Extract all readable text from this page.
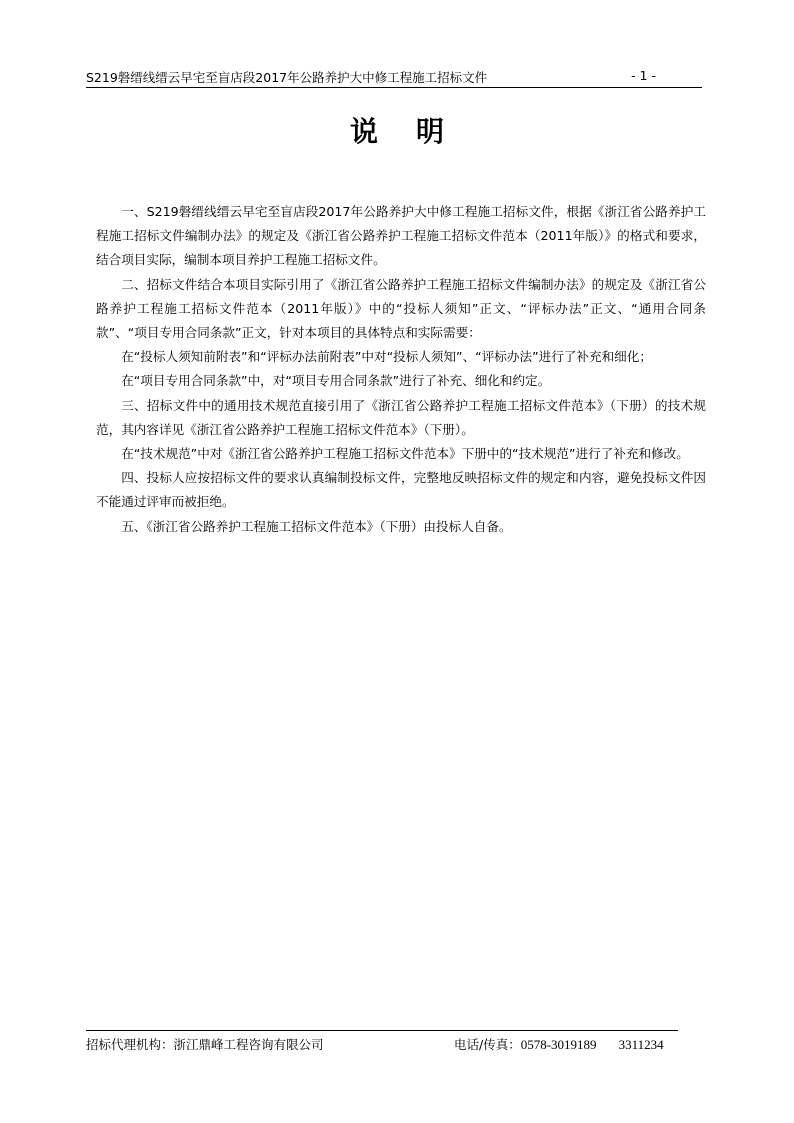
S219磐缙线缙云早宅至盲店段2017年公路养护大中修工程施工招标文件	- 1 -
说明

一、S219磐缙线缙云早宅至盲店段2017年公路养护大中修工程施工招标文件，根据《浙江省公路养护工程施工招标文件编制办法》的规定及《浙江省公路养护工程施工招标文件范本（2011年版）》的格式和要求，结合项目实际，编制本项目养护工程施工招标文件。

二、招标文件结合本项目实际引用了《浙江省公路养护工程施工招标文件编制办法》的规定及《浙江省公路养护工程施工招标文件范本（2011年版）》中的“投标人须知”正文、“评标办法”正文、“通用合同条款”、“项目专用合同条款”正文，针对本项目的具体特点和实际需要：

在“投标人须知前附表”和“评标办法前附表”中对“投标人须知”、“评标办法”进行了补充和细化；

在“项目专用合同条款”中，对“项目专用合同条款”进行了补充、细化和约定。

三、招标文件中的通用技术规范直接引用了《浙江省公路养护工程施工招标文件范本》（下册）的技术规范，其内容详见《浙江省公路养护工程施工招标文件范本》（下册）。

在“技术规范”中对《浙江省公路养护工程施工招标文件范本》下册中的“技术规范”进行了补充和修改。

四、投标人应按招标文件的要求认真编制投标文件，完整地反映招标文件的规定和内容，避免投标文件因不能通过评审而被拒绝。

五、《浙江省公路养护工程施工招标文件范本》（下册）由投标人自备。

招标代理机构：浙江鼎峰工程咨询有限公司	电话/传真：0578-3019189 3311234
